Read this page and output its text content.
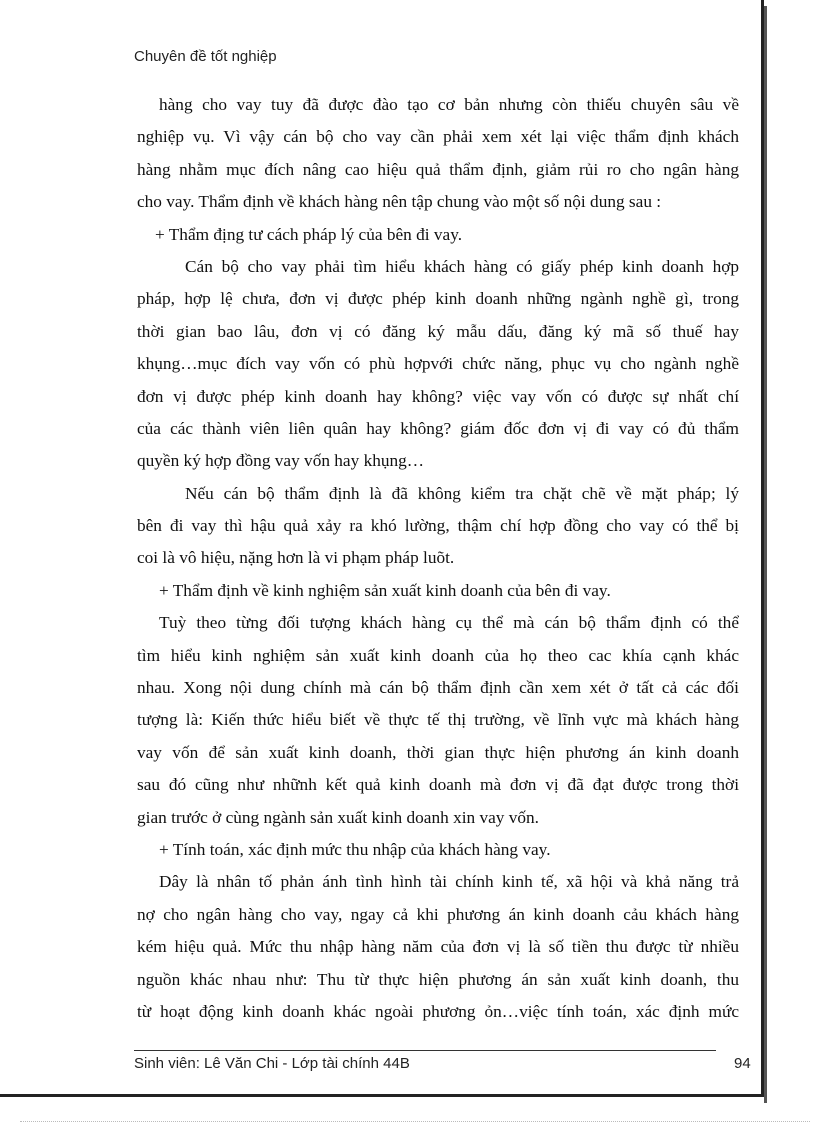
Chuyên đề tốt nghiệp
hàng cho vay tuy đã được đào tạo cơ bản nhưng còn thiếu chuyên sâu về
nghiệp vụ. Vì vậy cán bộ cho vay cần phải xem xét lại việc thẩm định khách
hàng nhằm mục đích nâng cao hiệu quả thẩm định, giảm rủi ro cho ngân hàng
cho vay. Thẩm định về khách hàng nên tập chung vào một số nội dung sau :
+ Thẩm địng tư cách pháp lý của bên đi vay.
Cán bộ cho vay phải tìm hiểu khách hàng có giấy phép kinh doanh hợp
pháp, hợp lệ chưa, đơn vị được phép kinh doanh những ngành nghề gì, trong
thời gian bao lâu, đơn vị có đăng ký mẫu dấu, đăng ký mã số thuế hay
khụng…mục đích vay vốn có phù hợpvới chức năng, phục vụ cho ngành nghề
đơn vị được phép kinh doanh hay không? việc vay vốn có được sự nhất chí
của các thành viên liên quân hay không? giám đốc đơn vị đi vay có đủ thẩm
quyền ký hợp đồng vay vốn hay khụng…
Nếu cán bộ thẩm định là đã không kiểm tra chặt chẽ về mặt pháp; lý
bên đi vay thì hậu quả xảy ra khó lường, thậm chí hợp đồng cho vay có thể bị
coi là vô hiệu, nặng hơn là vi phạm pháp luõt.
+ Thẩm định về kinh nghiệm sản xuất kinh doanh của bên đi vay.
Tuỳ theo từng đối tượng khách hàng cụ thể mà cán bộ thẩm định có thể
tìm hiểu kinh nghiệm sản xuất kinh doanh của họ theo cac khía cạnh khác
nhau. Xong nội dung chính mà cán bộ thẩm định cần xem xét ở tất cả các đối
tượng là: Kiến thức hiểu biết về thực tế thị trường, về lĩnh vực mà khách hàng
vay vốn để sản xuất kinh doanh, thời gian thực hiện phương án kinh doanh
sau đó cũng như nhữnh kết quả kinh doanh mà đơn vị đã đạt được trong thời
gian trước ở cùng ngành sản xuất kinh doanh xin vay vốn.
+ Tính toán, xác định mức thu nhập của khách hàng vay.
Dây là nhân tố phản ánh tình hình tài chính kinh tế, xã hội và khả năng trả
nợ cho ngân hàng cho vay, ngay cả khi phương án kinh doanh cảu khách hàng
kém hiệu quả. Mức thu nhập hàng năm của đơn vị là số tiền thu được từ nhiều
nguồn khác nhau như: Thu từ thực hiện phương án sản xuất kinh doanh, thu
từ hoạt động kinh doanh khác ngoài phương ỏn…việc tính toán, xác định mức
Sinh viên: Lê Văn Chi - Lớp tài chính 44B	94
